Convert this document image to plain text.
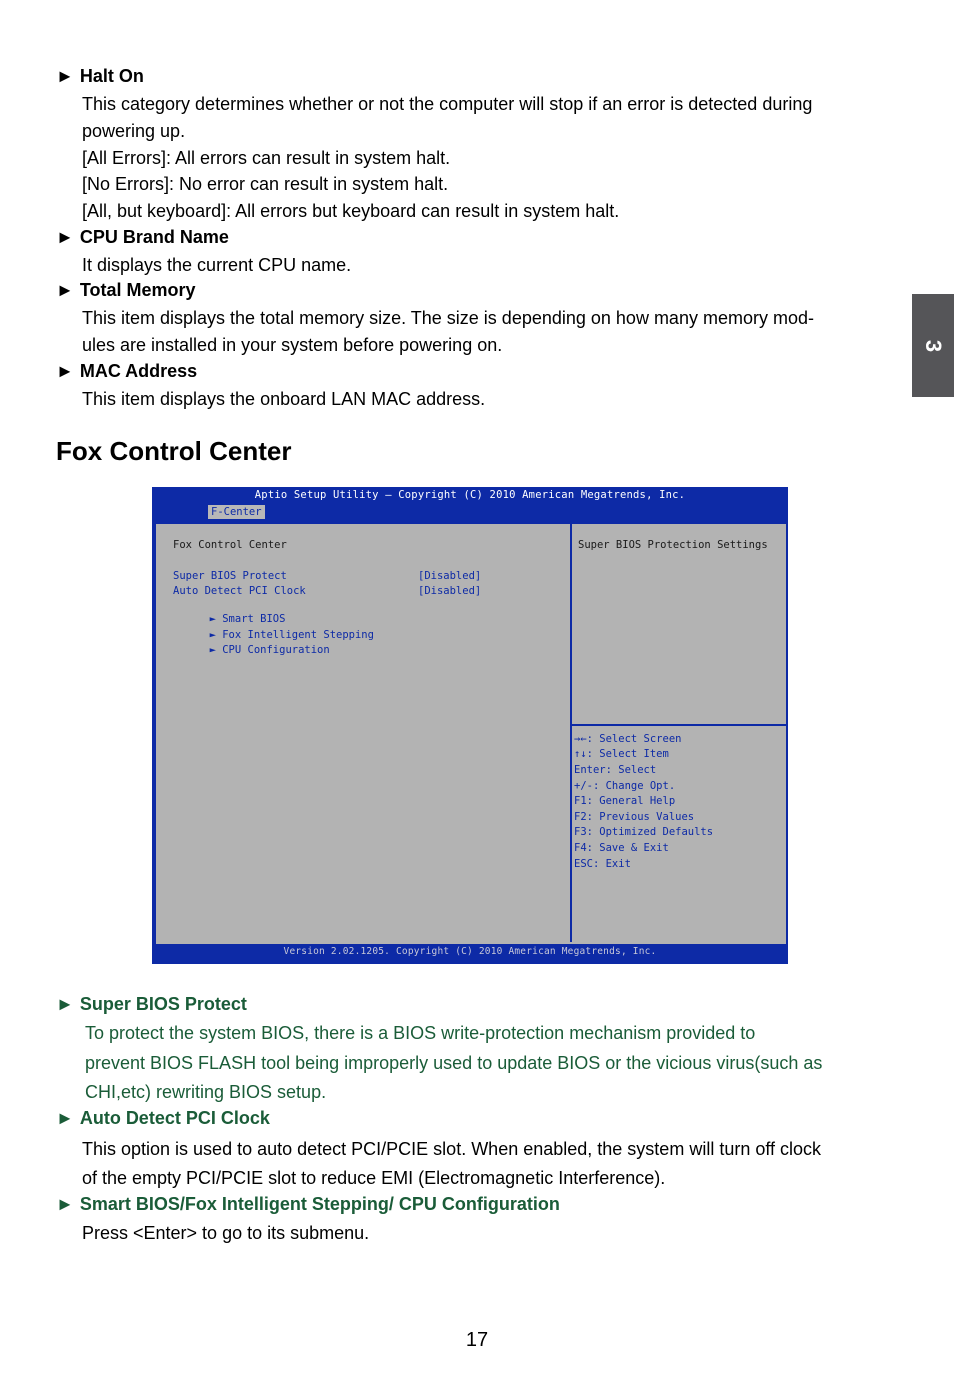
► Halt On
This category determines whether or not the computer will stop if an error is detected during
powering up.
[All Errors]: All errors can result in system halt.
[No Errors]: No error can result in system halt.
[All, but keyboard]: All errors but keyboard can result in system halt.
► CPU Brand Name
It displays the current CPU name.
► Total Memory
This item displays the total memory size. The size is depending on how many memory mod-
ules are installed in your system before powering on.
► MAC Address
This item displays the onboard LAN MAC address.
3
Fox Control Center
Aptio Setup Utility – Copyright (C) 2010 American Megatrends, Inc.
F-Center
Fox Control Center
Super BIOS Protect	[Disabled]
Auto Detect PCI Clock	[Disabled]

► Smart BIOS

► Fox Intelligent Stepping

► CPU Configuration

Super BIOS Protection Settings
→←: Select Screen
↑↓: Select Item
Enter: Select
+/-: Change Opt.
F1: General Help
F2: Previous Values
F3: Optimized Defaults
F4: Save & Exit
ESC: Exit
Version 2.02.1205. Copyright (C) 2010 American Megatrends, Inc.
► Super BIOS Protect
To protect the system BIOS, there is a BIOS write-protection mechanism provided to
prevent BIOS FLASH tool being improperly used to update BIOS or the vicious virus(such as
CHI,etc) rewriting BIOS setup.
► Auto Detect PCI Clock
This option is used to auto detect PCI/PCIE slot. When enabled, the system will turn off clock
of the empty PCI/PCIE slot to reduce EMI (Electromagnetic Interference).
► Smart BIOS/Fox Intelligent Stepping/ CPU Configuration
Press <Enter> to go to its submenu.
17
